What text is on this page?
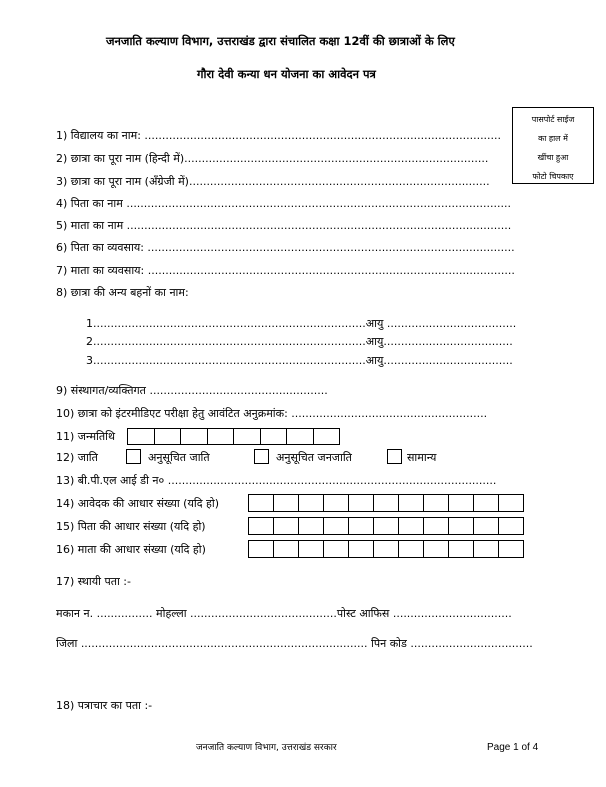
जनजाति कल्याण विभाग, उत्तराखंड द्वारा संचालित कक्षा 12वीं की छात्राओं के लिए
गौरा देवी कन्या धन योजना का आवेदन पत्र
पासपोर्ट साईज
का हाल में
खींचा हुआ
फोटो चिपकाए
1) विद्यालय का नाम: ......................................................................................................
2) छात्रा का पूरा नाम (हिन्दी में).......................................................................................
3) छात्रा का पूरा नाम (अँग्रेजी में)......................................................................................
4) पिता का नाम ..............................................................................................................
5) माता का नाम ..............................................................................................................
6) पिता का व्यवसाय: .........................................................................................................
7) माता का व्यवसाय: .........................................................................................................
8) छात्रा की अन्य बहनों का नाम:
1..............................................................................आयु .....................................
2..............................................................................आयु.....................................
3..............................................................................आयु.....................................
9) संस्थागत/व्यक्तिगत ...................................................
10) छात्रा को इंटरमीडिएट परीक्षा हेतु आवंटित अनुक्रमांक: ........................................................
11) जन्मतिथि
12) जाति	अनुसूचित जाति	अनुसूचित जनजाति	सामान्य
13) बी.पी.एल आई डी न० ..............................................................................................
14) आवेदक की आधार संख्या (यदि हो)
15) पिता की आधार संख्या (यदि हो)
16) माता की आधार संख्या (यदि हो)
17) स्थायी पता :-
मकान न. ................ मोहल्ला ..........................................पोस्ट आफिस ..................................
जिला .................................................................................. पिन कोड ...................................
18) पत्राचार का पता :-
जनजाति कल्याण विभाग, उत्तराखंड सरकार	Page 1 of 4
